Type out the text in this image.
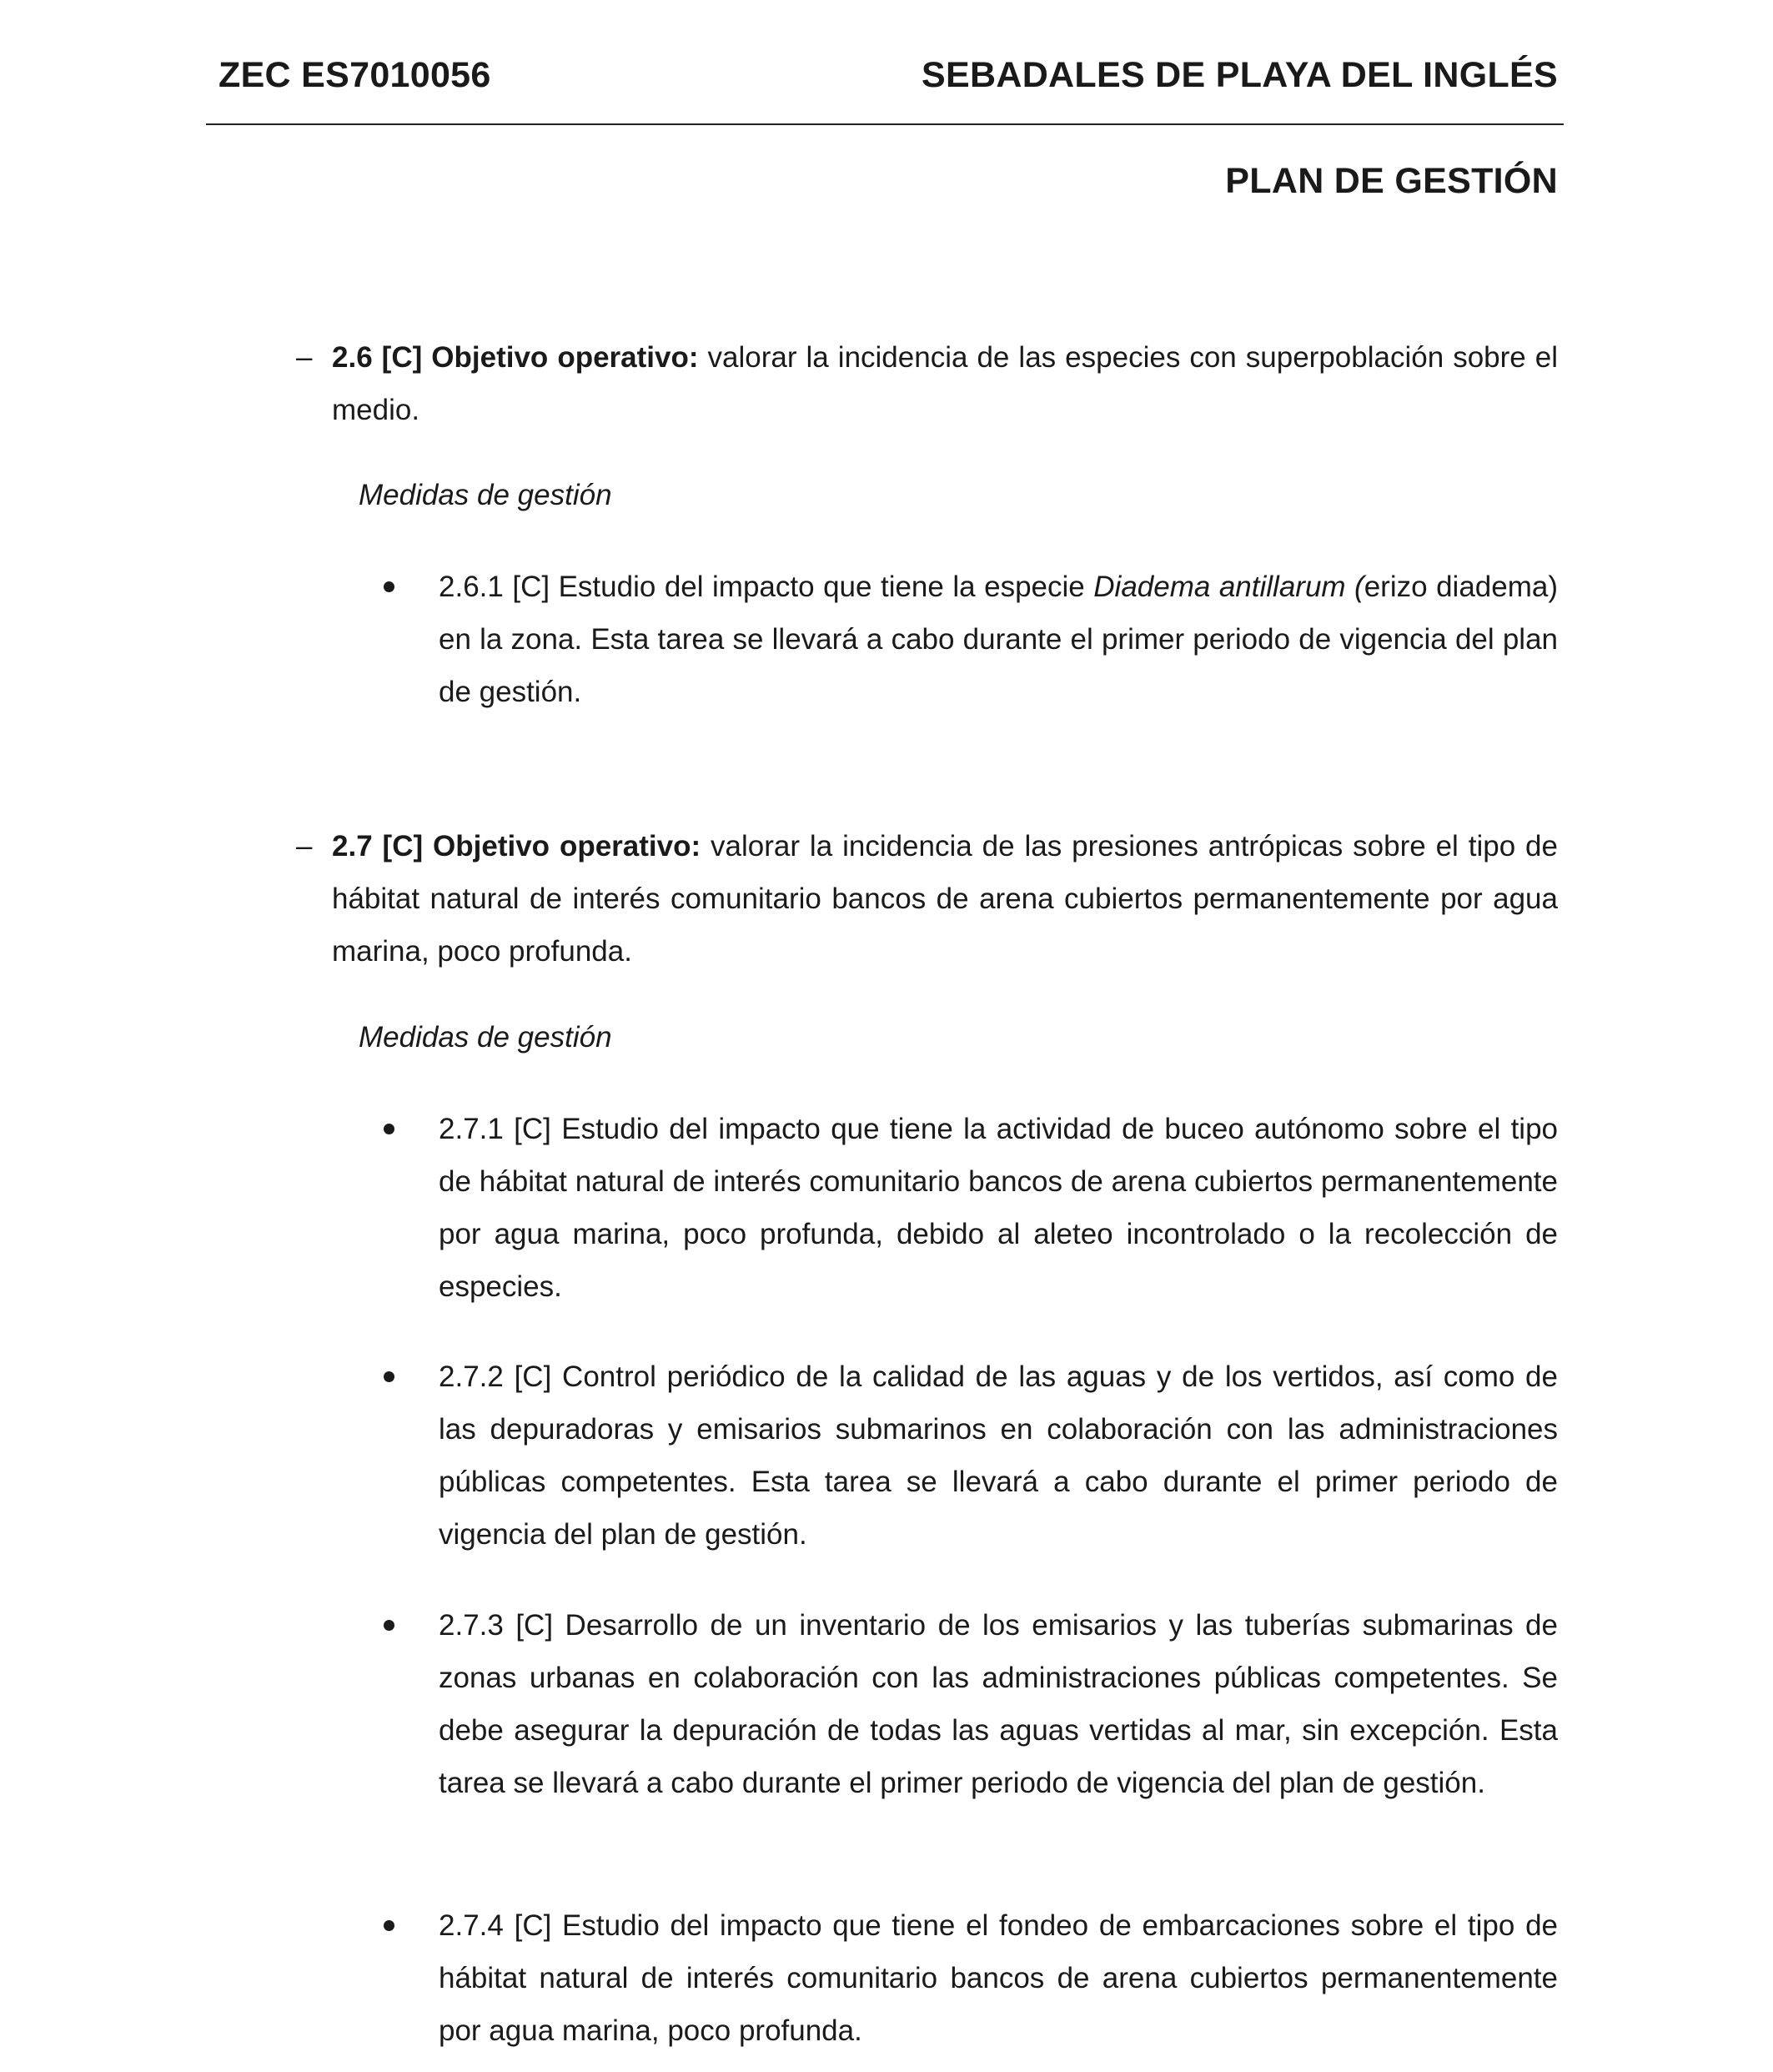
ZEC ES7010056	SEBADALES DE PLAYA DEL INGLÉS
PLAN DE GESTIÓN
– 2.6 [C] Objetivo operativo: valorar la incidencia de las especies con superpoblación sobre el medio.
Medidas de gestión
2.6.1 [C] Estudio del impacto que tiene la especie Diadema antillarum (erizo diadema) en la zona. Esta tarea se llevará a cabo durante el primer periodo de vigencia del plan de gestión.
– 2.7 [C] Objetivo operativo: valorar la incidencia de las presiones antrópicas sobre el tipo de hábitat natural de interés comunitario bancos de arena cubiertos permanentemente por agua marina, poco profunda.
Medidas de gestión
2.7.1 [C] Estudio del impacto que tiene la actividad de buceo autónomo sobre el tipo de hábitat natural de interés comunitario bancos de arena cubiertos permanentemente por agua marina, poco profunda, debido al aleteo incontrolado o la recolección de especies.
2.7.2 [C] Control periódico de la calidad de las aguas y de los vertidos, así como de las depuradoras y emisarios submarinos en colaboración con las administraciones públicas competentes. Esta tarea se llevará a cabo durante el primer periodo de vigencia del plan de gestión.
2.7.3 [C] Desarrollo de un inventario de los emisarios y las tuberías submarinas de zonas urbanas en colaboración con las administraciones públicas competentes. Se debe asegurar la depuración de todas las aguas vertidas al mar, sin excepción. Esta tarea se llevará a cabo durante el primer periodo de vigencia del plan de gestión.
2.7.4 [C] Estudio del impacto que tiene el fondeo de embarcaciones sobre el tipo de hábitat natural de interés comunitario bancos de arena cubiertos permanentemente por agua marina, poco profunda.
